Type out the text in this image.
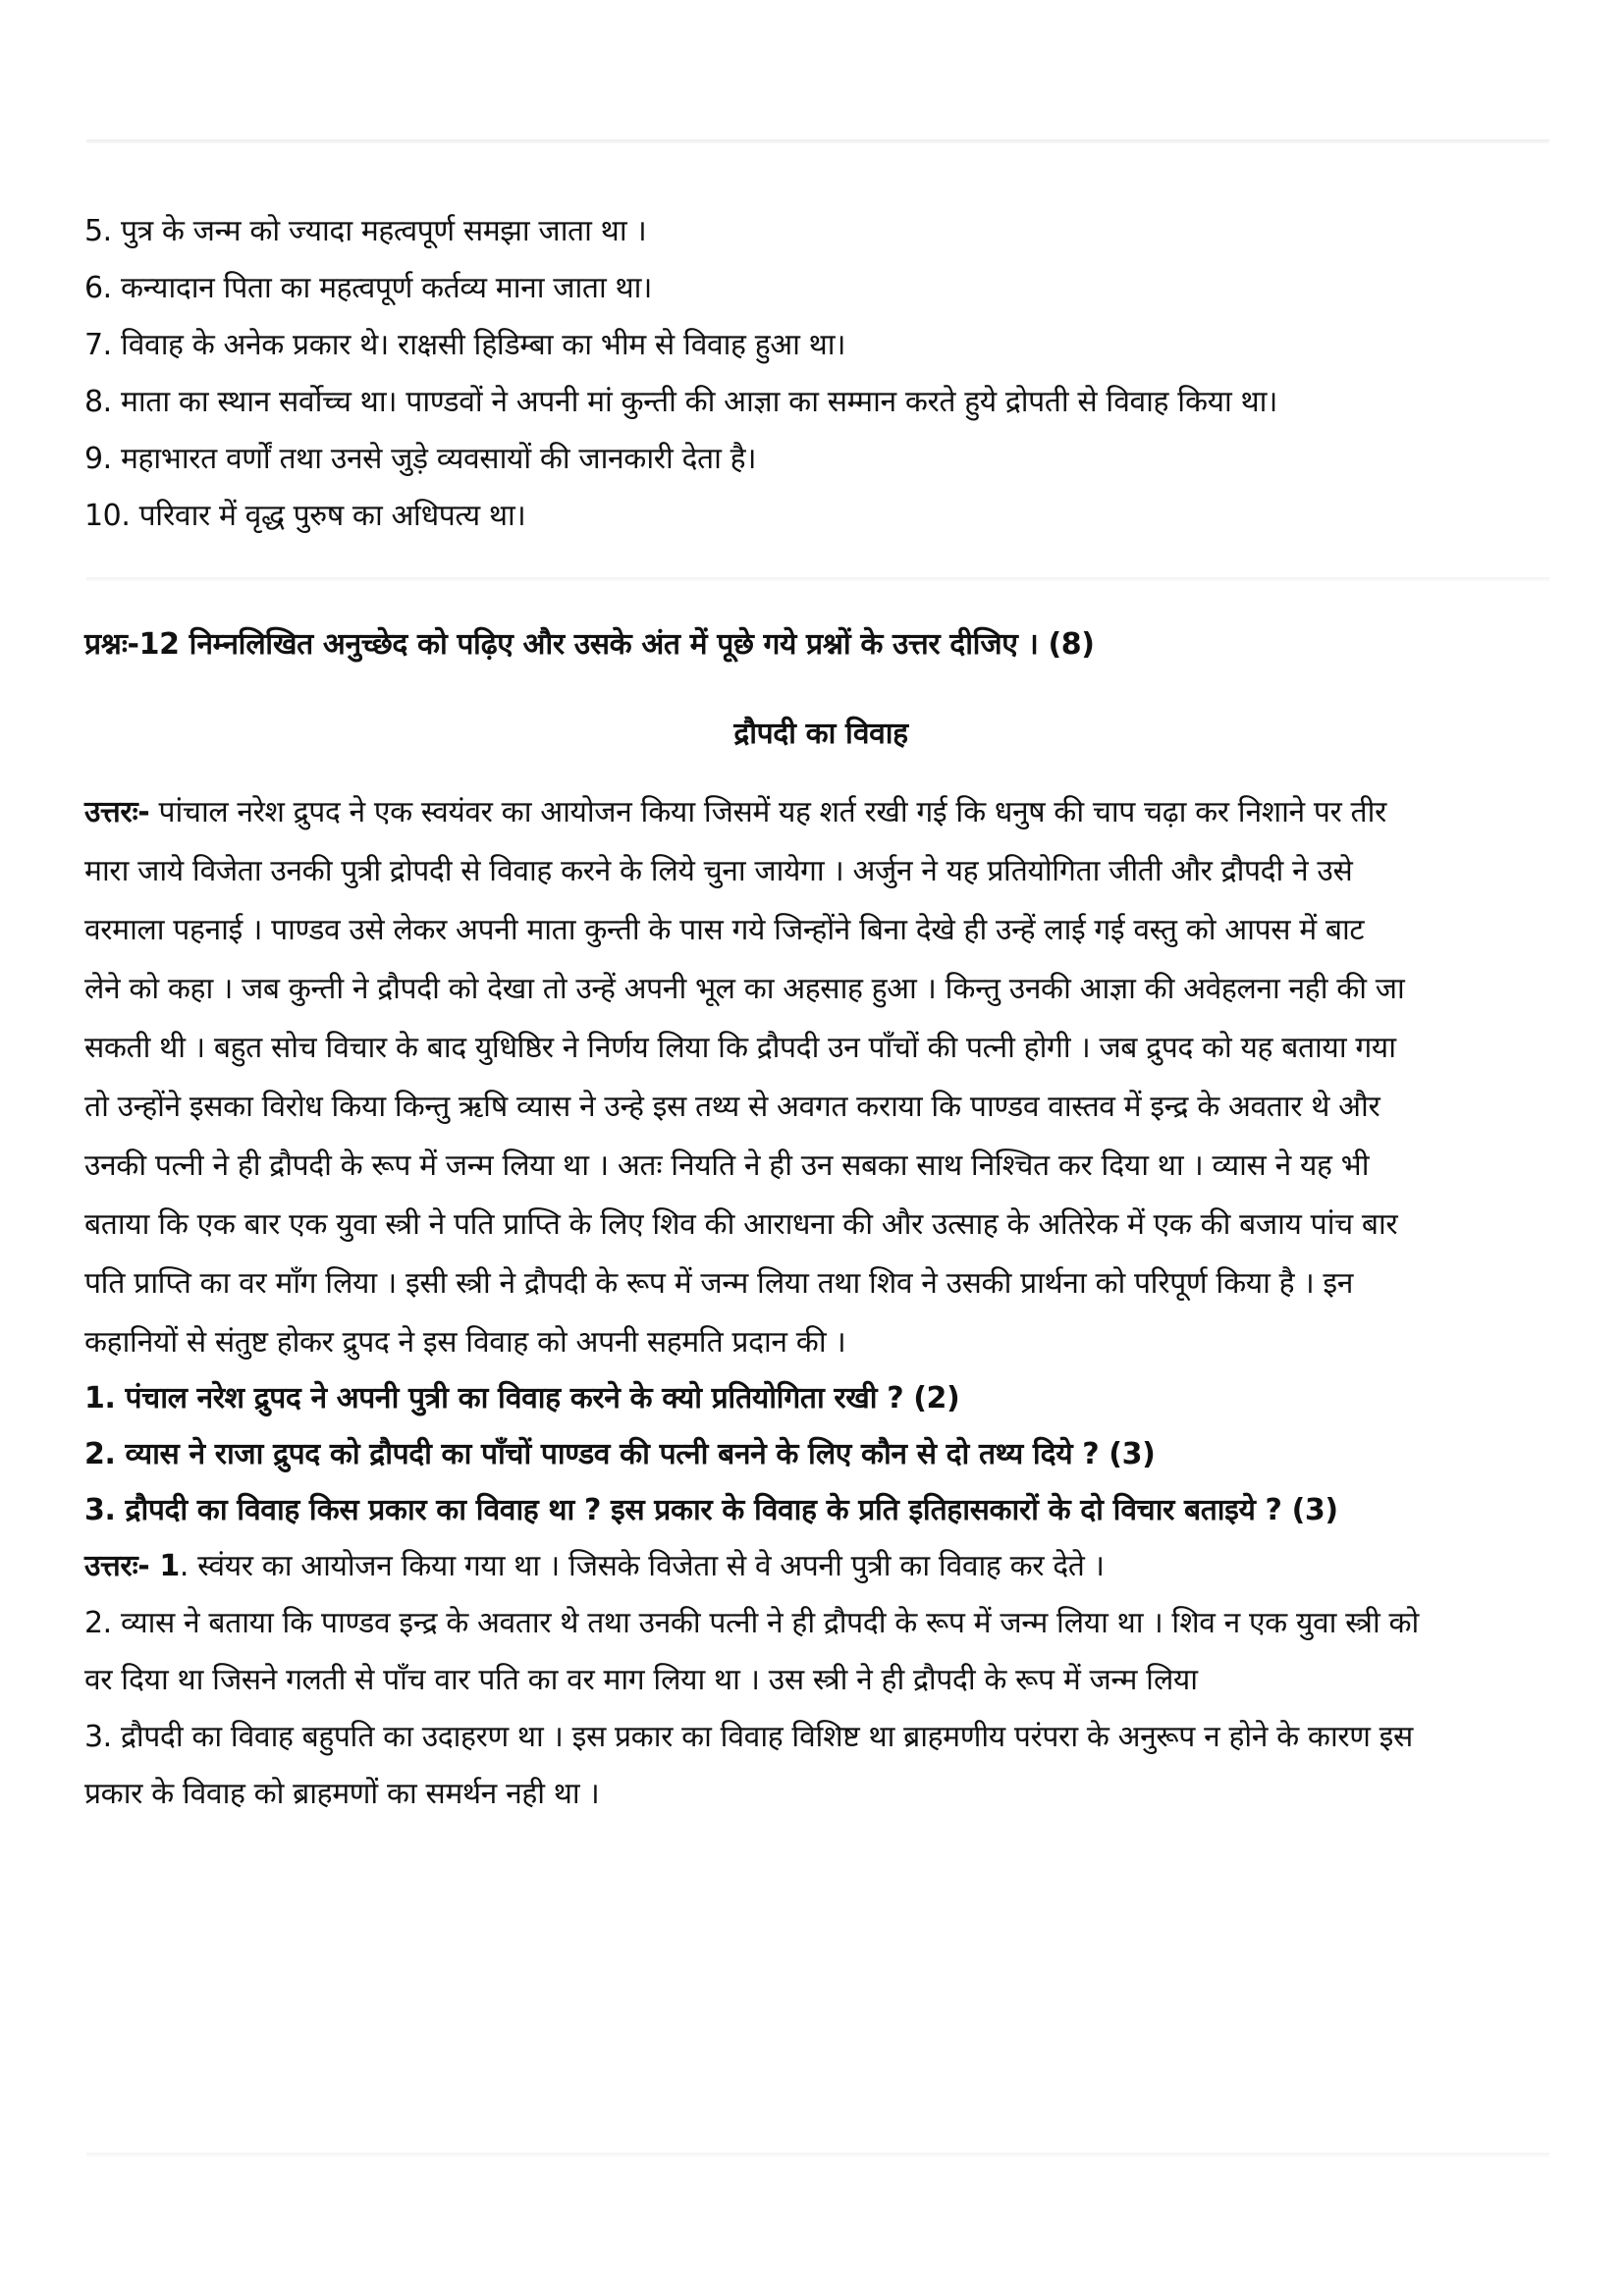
5. पुत्र के जन्म को ज्यादा महत्वपूर्ण समझा जाता था ।
6. कन्यादान पिता का महत्वपूर्ण कर्तव्य माना जाता था।
7. विवाह के अनेक प्रकार थे। राक्षसी हिडिम्बा का भीम से विवाह हुआ था।
8. माता का स्थान सर्वोच्च था। पाण्डवों ने अपनी मां कुन्ती की आज्ञा का सम्मान करते हुये द्रोपती से विवाह किया था।
9. महाभारत वर्णों तथा उनसे जुड़े व्यवसायों की जानकारी देता है।
10. परिवार में वृद्ध पुरुष का अधिपत्य था।
प्रश्नः-12 निम्नलिखित अनुच्छेद को पढ़िए और उसके अंत में पूछे गये प्रश्नों के उत्तर दीजिए । (8)
द्रौपदी का विवाह
उत्तरः- पांचाल नरेश द्रुपद ने एक स्वयंवर का आयोजन किया जिसमें यह शर्त रखी गई कि धनुष की चाप चढ़ा कर निशाने पर तीर
मारा जाये विजेता उनकी पुत्री द्रोपदी से विवाह करने के लिये चुना जायेगा । अर्जुन ने यह प्रतियोगिता जीती और द्रौपदी ने उसे
वरमाला पहनाई । पाण्डव उसे लेकर अपनी माता कुन्ती के पास गये जिन्होंने बिना देखे ही उन्हें लाई गई वस्तु को आपस में बाट
लेने को कहा । जब कुन्ती ने द्रौपदी को देखा तो उन्हें अपनी भूल का अहसाह हुआ । किन्तु उनकी आज्ञा की अवेहलना नही की जा
सकती थी । बहुत सोच विचार के बाद युधिष्ठिर ने निर्णय लिया कि द्रौपदी उन पाँचों की पत्नी होगी । जब द्रुपद को यह बताया गया
तो उन्होंने इसका विरोध किया किन्तु ऋषि व्यास ने उन्हे इस तथ्य से अवगत कराया कि पाण्डव वास्तव में इन्द्र के अवतार थे और
उनकी पत्नी ने ही द्रौपदी के रूप में जन्म लिया था । अतः नियति ने ही उन सबका साथ निश्चित कर दिया था । व्यास ने यह भी
बताया कि एक बार एक युवा स्त्री ने पति प्राप्ति के लिए शिव की आराधना की और उत्साह के अतिरेक में एक की बजाय पांच बार
पति प्राप्ति का वर माँग लिया । इसी स्त्री ने द्रौपदी के रूप में जन्म लिया तथा शिव ने उसकी प्रार्थना को परिपूर्ण किया है । इन
कहानियों से संतुष्ट होकर द्रुपद ने इस विवाह को अपनी सहमति प्रदान की ।
1. पंचाल नरेश द्रुपद ने अपनी पुत्री का विवाह करने के क्यो प्रतियोगिता रखी ? (2)
2. व्यास ने राजा द्रुपद को द्रौपदी का पाँचों पाण्डव की पत्नी बनने के लिए कौन से दो तथ्य दिये ? (3)
3. द्रौपदी का विवाह किस प्रकार का विवाह था ? इस प्रकार के विवाह के प्रति इतिहासकारों के दो विचार बताइये ? (3)
उत्तरः- 1. स्वंयर का आयोजन किया गया था । जिसके विजेता से वे अपनी पुत्री का विवाह कर देते ।
2. व्यास ने बताया कि पाण्डव इन्द्र के अवतार थे तथा उनकी पत्नी ने ही द्रौपदी के रूप में जन्म लिया था । शिव न एक युवा स्त्री को
वर दिया था जिसने गलती से पाँच वार पति का वर माग लिया था । उस स्त्री ने ही द्रौपदी के रूप में जन्म लिया
3. द्रौपदी का विवाह बहुपति का उदाहरण था । इस प्रकार का विवाह विशिष्ट था ब्राहमणीय परंपरा के अनुरूप न होने के कारण इस
प्रकार के विवाह को ब्राहमणों का समर्थन नही था ।
